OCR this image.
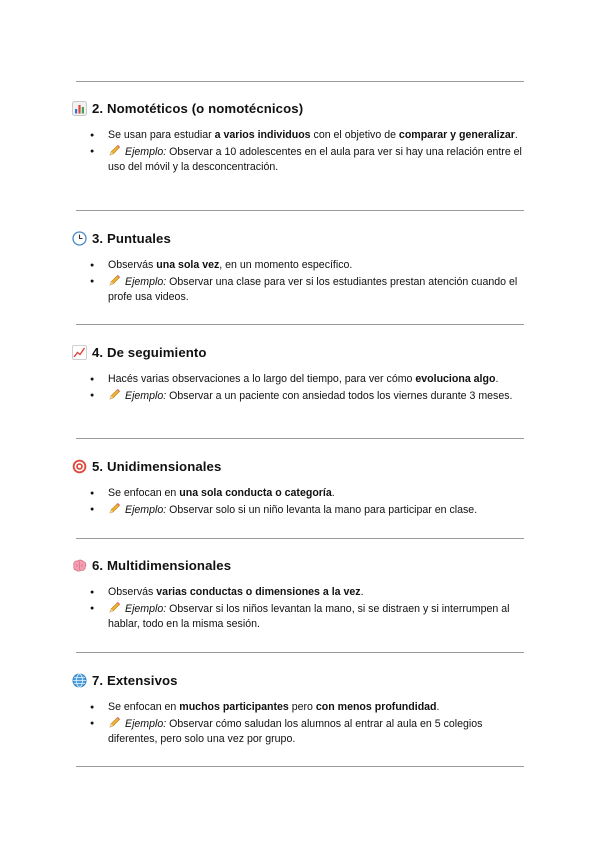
2. Nomotéticos (o nomotécnicos)
● Se usan para estudiar a varios individuos con el objetivo de comparar y generalizar.
● Ejemplo: Observar a 10 adolescentes en el aula para ver si hay una relación entre el uso del móvil y la desconcentración.
3. Puntuales
● Observás una sola vez, en un momento específico.
● Ejemplo: Observar una clase para ver si los estudiantes prestan atención cuando el profe usa videos.
4. De seguimiento
● Hacés varias observaciones a lo largo del tiempo, para ver cómo evoluciona algo.
● Ejemplo: Observar a un paciente con ansiedad todos los viernes durante 3 meses.
5. Unidimensionales
● Se enfocan en una sola conducta o categoría.
● Ejemplo: Observar solo si un niño levanta la mano para participar en clase.
6. Multidimensionales
● Observás varias conductas o dimensiones a la vez.
● Ejemplo: Observar si los niños levantan la mano, si se distraen y si interrumpen al hablar, todo en la misma sesión.
7. Extensivos
● Se enfocan en muchos participantes pero con menos profundidad.
● Ejemplo: Observar cómo saludan los alumnos al entrar al aula en 5 colegios diferentes, pero solo una vez por grupo.
